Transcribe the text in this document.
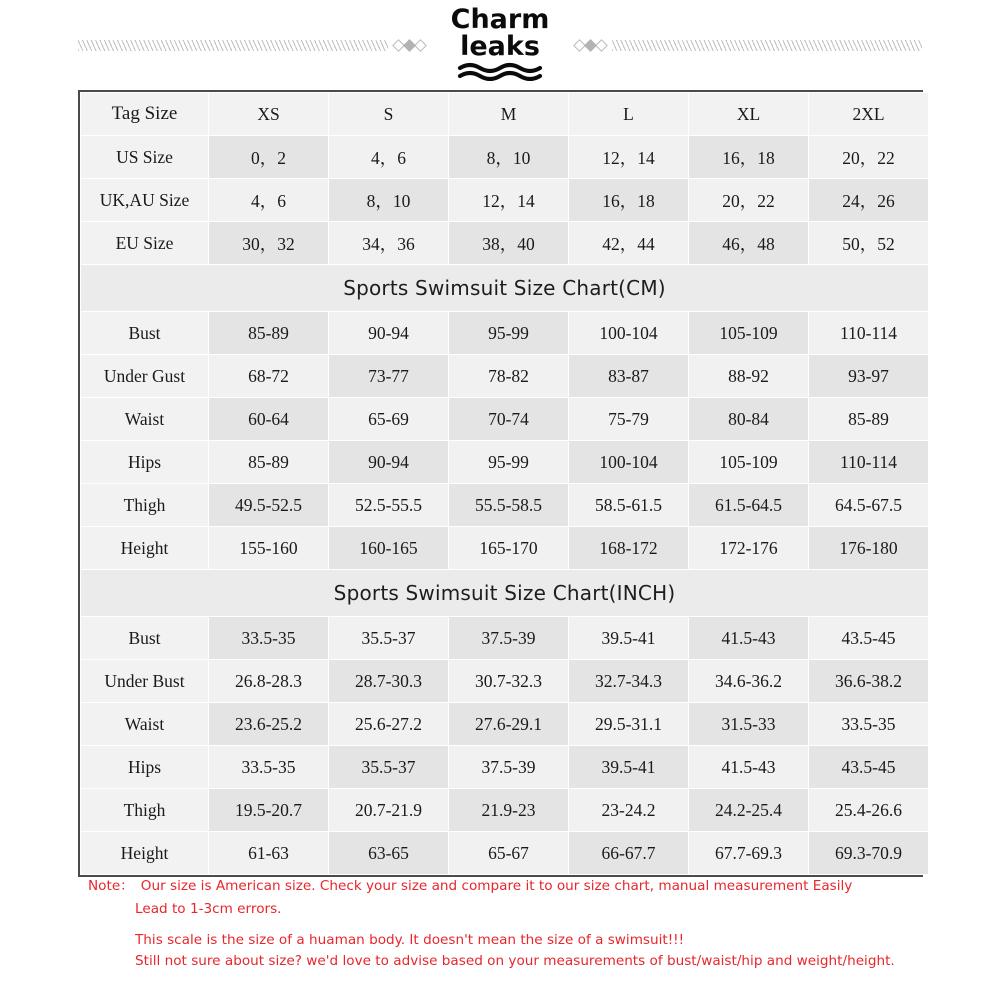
Charm
leaks
Tag Size	XS	S	M	L	XL	2XL
US Size	0，2	4，6	8，10	12，14	16，18	20，22
UK,AU Size	4，6	8，10	12，14	16，18	20，22	24，26
EU Size	30，32	34，36	38，40	42，44	46，48	50，52
Sports Swimsuit Size Chart(CM)						
Bust	85-89	90-94	95-99	100-104	105-109	110-114
Under Gust	68-72	73-77	78-82	83-87	88-92	93-97
Waist	60-64	65-69	70-74	75-79	80-84	85-89
Hips	85-89	90-94	95-99	100-104	105-109	110-114
Thigh	49.5-52.5	52.5-55.5	55.5-58.5	58.5-61.5	61.5-64.5	64.5-67.5
Height	155-160	160-165	165-170	168-172	172-176	176-180
Sports Swimsuit Size Chart(INCH)						
Bust	33.5-35	35.5-37	37.5-39	39.5-41	41.5-43	43.5-45
Under Bust	26.8-28.3	28.7-30.3	30.7-32.3	32.7-34.3	34.6-36.2	36.6-38.2
Waist	23.6-25.2	25.6-27.2	27.6-29.1	29.5-31.1	31.5-33	33.5-35
Hips	33.5-35	35.5-37	37.5-39	39.5-41	41.5-43	43.5-45
Thigh	19.5-20.7	20.7-21.9	21.9-23	23-24.2	24.2-25.4	25.4-26.6
Height	61-63	63-65	65-67	66-67.7	67.7-69.3	69.3-70.9
Note： Our size is American size. Check your size and compare it to our size chart, manual measurement Easily
Lead to 1-3cm errors.
This scale is the size of a huaman body. It doesn't mean the size of a swimsuit!!!
Still not sure about size? we'd love to advise based on your measurements of bust/waist/hip and weight/height.
